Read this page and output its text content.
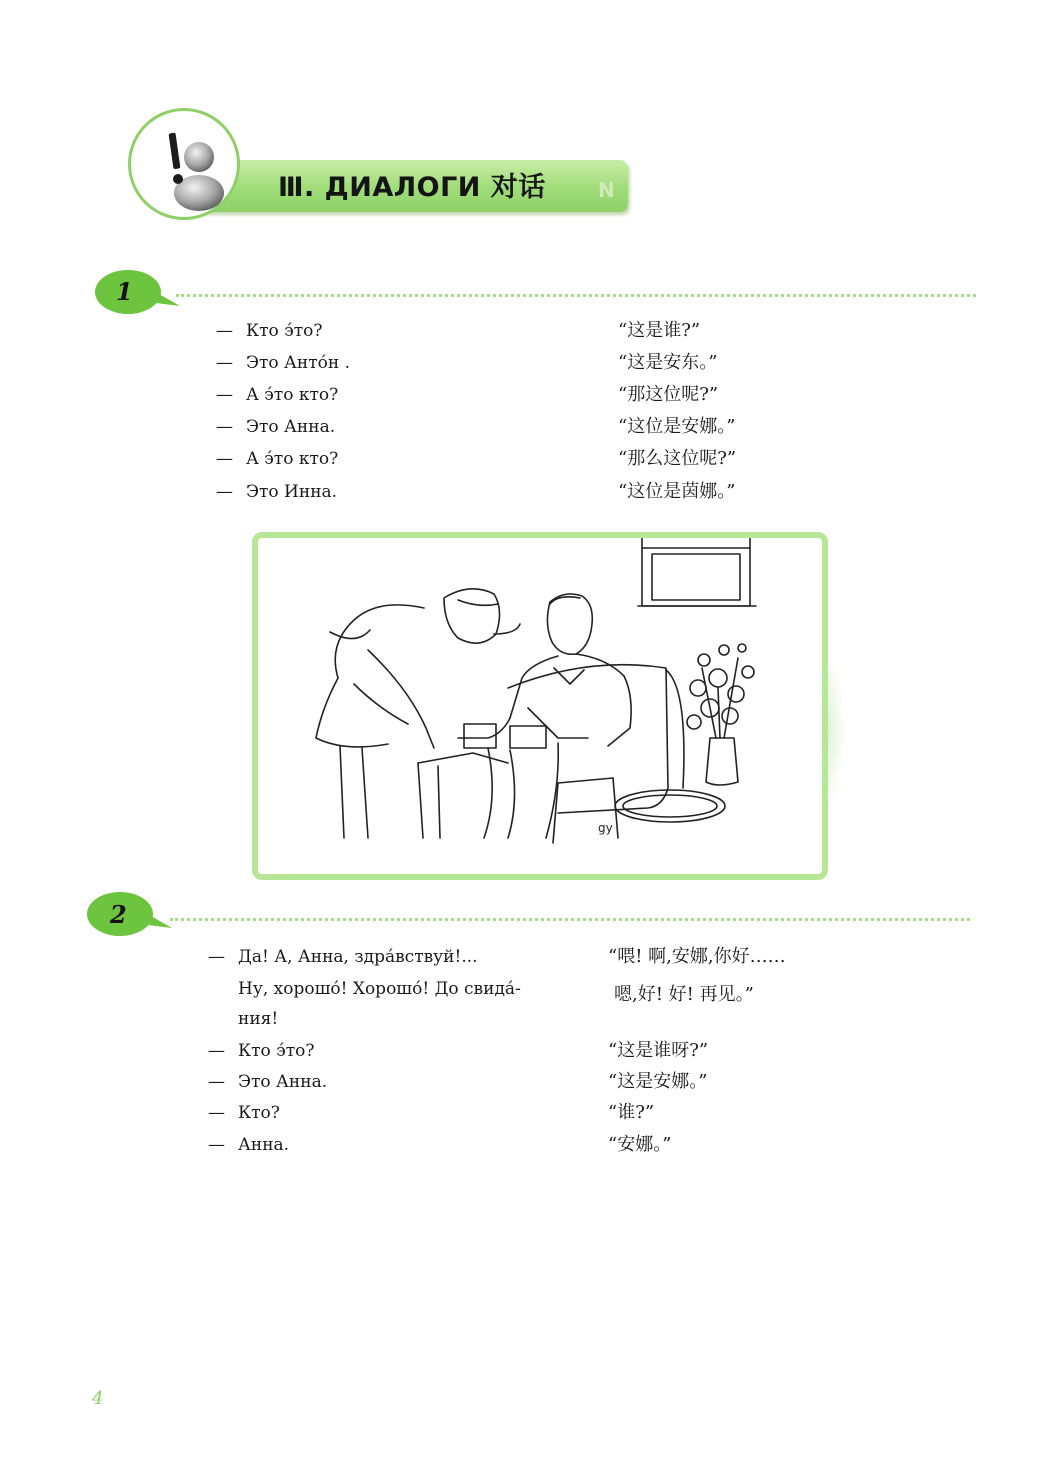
Ⅲ. ДИАЛОГИ 对话	N
1
— Кто э́то?
— Это Анто́н .
— А э́то кто?
— Это Анна.
— А э́то кто?
— Это Инна.
“这是谁?”
“这是安东。”
“那这位呢?”
“这位是安娜。”
“那么这位呢?”
“这位是茵娜。”
gy
2
— Да! А, Анна, здра́вствуй!...
Ну, хорошо́! Хорошо́! До свида́-
ния!
— Кто э́то?
— Это Анна.
— Кто?
— Анна.
“喂! 啊,安娜,你好……
嗯,好! 好! 再见。”
“这是谁呀?”
“这是安娜。”
“谁?”
“安娜。”
4
